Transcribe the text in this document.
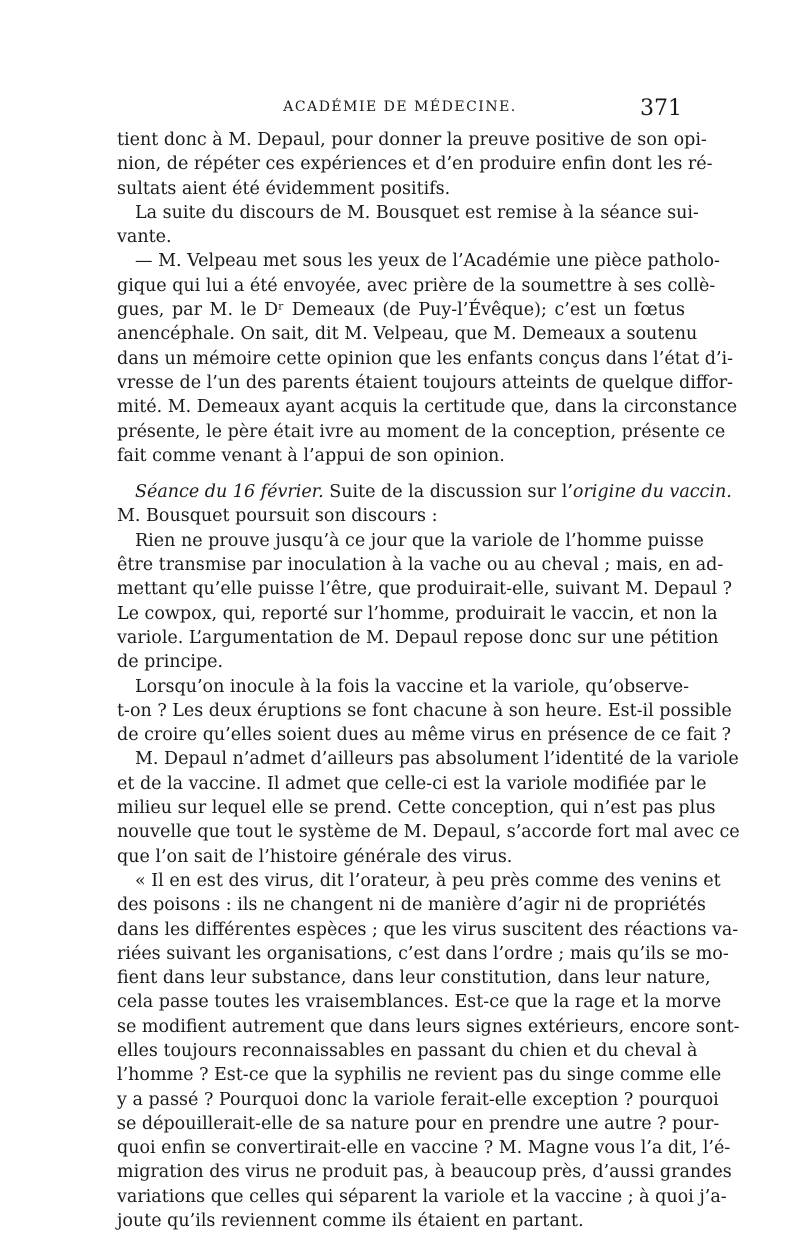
ACADÉMIE DE MÉDECINE.	371
tient donc à M. Depaul, pour donner la preuve positive de son opi-
nion, de répéter ces expériences et d’en produire enfin dont les ré-
sultats aient été évidemment positifs.
La suite du discours de M. Bousquet est remise à la séance sui-
vante.
— M. Velpeau met sous les yeux de l’Académie une pièce patholo-
gique qui lui a été envoyée, avec prière de la soumettre à ses collè-
gues, par M. le Dʳ Demeaux (de Puy-l’Évêque); c’est un fœtus
anencéphale. On sait, dit M. Velpeau, que M. Demeaux a soutenu
dans un mémoire cette opinion que les enfants conçus dans l’état d’i-
vresse de l’un des parents étaient toujours atteints de quelque diffor-
mité. M. Demeaux ayant acquis la certitude que, dans la circonstance
présente, le père était ivre au moment de la conception, présente ce
fait comme venant à l’appui de son opinion.
Séance du 16 février. Suite de la discussion sur l’origine du vaccin.
M. Bousquet poursuit son discours :
Rien ne prouve jusqu’à ce jour que la variole de l’homme puisse
être transmise par inoculation à la vache ou au cheval ; mais, en ad-
mettant qu’elle puisse l’être, que produirait-elle, suivant M. Depaul ?
Le cowpox, qui, reporté sur l’homme, produirait le vaccin, et non la
variole. L’argumentation de M. Depaul repose donc sur une pétition
de principe.
Lorsqu’on inocule à la fois la vaccine et la variole, qu’observe-
t-on ? Les deux éruptions se font chacune à son heure. Est-il possible
de croire qu’elles soient dues au même virus en présence de ce fait ?
M. Depaul n’admet d’ailleurs pas absolument l’identité de la variole
et de la vaccine. Il admet que celle-ci est la variole modifiée par le
milieu sur lequel elle se prend. Cette conception, qui n’est pas plus
nouvelle que tout le système de M. Depaul, s’accorde fort mal avec ce
que l’on sait de l’histoire générale des virus.
« Il en est des virus, dit l’orateur, à peu près comme des venins et
des poisons : ils ne changent ni de manière d’agir ni de propriétés
dans les différentes espèces ; que les virus suscitent des réactions va-
riées suivant les organisations, c’est dans l’ordre ; mais qu’ils se mo-
fient dans leur substance, dans leur constitution, dans leur nature,
cela passe toutes les vraisemblances. Est-ce que la rage et la morve
se modifient autrement que dans leurs signes extérieurs, encore sont-
elles toujours reconnaissables en passant du chien et du cheval à
l’homme ? Est-ce que la syphilis ne revient pas du singe comme elle
y a passé ? Pourquoi donc la variole ferait-elle exception ? pourquoi
se dépouillerait-elle de sa nature pour en prendre une autre ? pour-
quoi enfin se convertirait-elle en vaccine ? M. Magne vous l’a dit, l’é-
migration des virus ne produit pas, à beaucoup près, d’aussi grandes
variations que celles qui séparent la variole et la vaccine ; à quoi j’a-
joute qu’ils reviennent comme ils étaient en partant.
